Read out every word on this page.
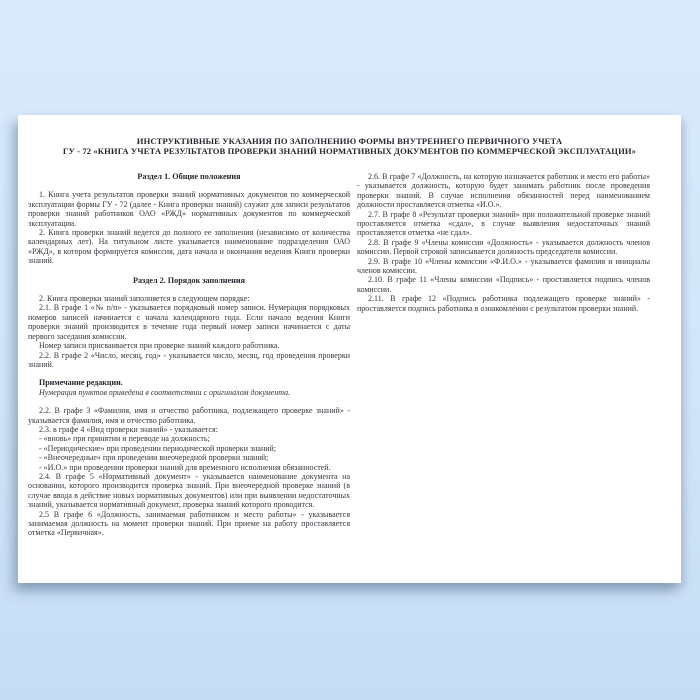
ИНСТРУКТИВНЫЕ УКАЗАНИЯ ПО ЗАПОЛНЕНИЮ ФОРМЫ ВНУТРЕННЕГО ПЕРВИЧНОГО УЧЕТА
ГУ - 72 «КНИГА УЧЕТА РЕЗУЛЬТАТОВ ПРОВЕРКИ ЗНАНИЙ НОРМАТИВНЫХ ДОКУМЕНТОВ ПО КОММЕРЧЕСКОЙ ЭКСПЛУАТАЦИИ»
Раздел 1. Общие положения

1. Книга учета результатов проверки знаний нормативных документов по коммерческой эксплуатации формы ГУ - 72 (далее - Книга проверки знаний) служит для записи результатов проверки знаний работников ОАО «РЖД» нормативных документов по коммерческой эксплуатации.

2. Книга проверки знаний ведется до полного ее заполнения (независимо от количества календарных лет). На титульном листе указывается наименование подразделения ОАО «РЖД», в котором формируется комиссия, дата начала и окончания ведения Книги проверки знаний.

Раздел 2. Порядок заполнения

2. Книга проверки знаний заполняется в следующем порядке:

2.1. В графе 1 «№ п/п» - указывается порядковый номер записи. Нумерация порядковых номеров записей начинается с начала календарного года. Если начало ведения Книги проверки знаний производится в течение года первый номер записи начинается с даты первого заседания комиссии.

Номер записи присваивается при проверке знаний каждого работника.

2.2. В графе 2 «Число, месяц, год» - указывается число, месяц, год проведения проверки знаний.

Примечание редакции.

Нумерация пунктов приведена в соответствии с оригиналом документа.

2.2. В графе 3 «Фамилия, имя и отчество работника, подлежащего проверке знаний» - указывается фамилия, имя и отчество работника.

2.3. в графе 4 «Вид проверки знаний» - указывается:

- «вновь» при принятии и переводе на должность;

- «Периодические» при проведении периодической проверки знаний;

- «Внеочередные» при проведении внеочередной проверки знаний;

- «И.О.» при проведении проверки знаний для временного исполнения обязанностей.

2.4. В графе 5 «Нормативный документ» - указывается наименование документа на основании, которого производится проверка знаний. При внеочередной проверке знаний (в случае ввода в действие новых нормативных документов) или при выявлении недостаточных знаний, указывается нормативный документ, проверка знаний которого проводится.

2.5 В графе 6 «Должность, занимаемая работником и место работы» - указывается занимаемая должность на момент проверки знаний. При приеме на работу проставляется отметка «Первичная».

2.6. В графе 7 «Должность, на которую назначается работник и место его работы» - указывается должность, которую будет занимать работник после проведения проверки знаний. В случае исполнения обязанностей перед наименованием должности проставляется отметка «И.О.».

2.7. В графе 8 «Результат проверки знаний» при положительной проверке знаний проставляется отметка «сдал», в случае выявления недостаточных знаний проставляется отметка «не сдал».

2.8. В графе 9 «Члены комиссии «Должность» - указывается должность членов комиссии. Первой строкой записывается должность председателя комиссии.

2.9. В графе 10 «Члены комиссии «Ф.И.О.» - указывается фамилия и инициалы членов комиссии.

2.10. В графе 11 «Члены комиссии «Подпись» - проставляется подпись членов комиссии.

2.11. В графе 12 «Подпись работника подлежащего проверке знаний» - проставляется подпись работника в ознакомлении с результатом проверки знаний.
